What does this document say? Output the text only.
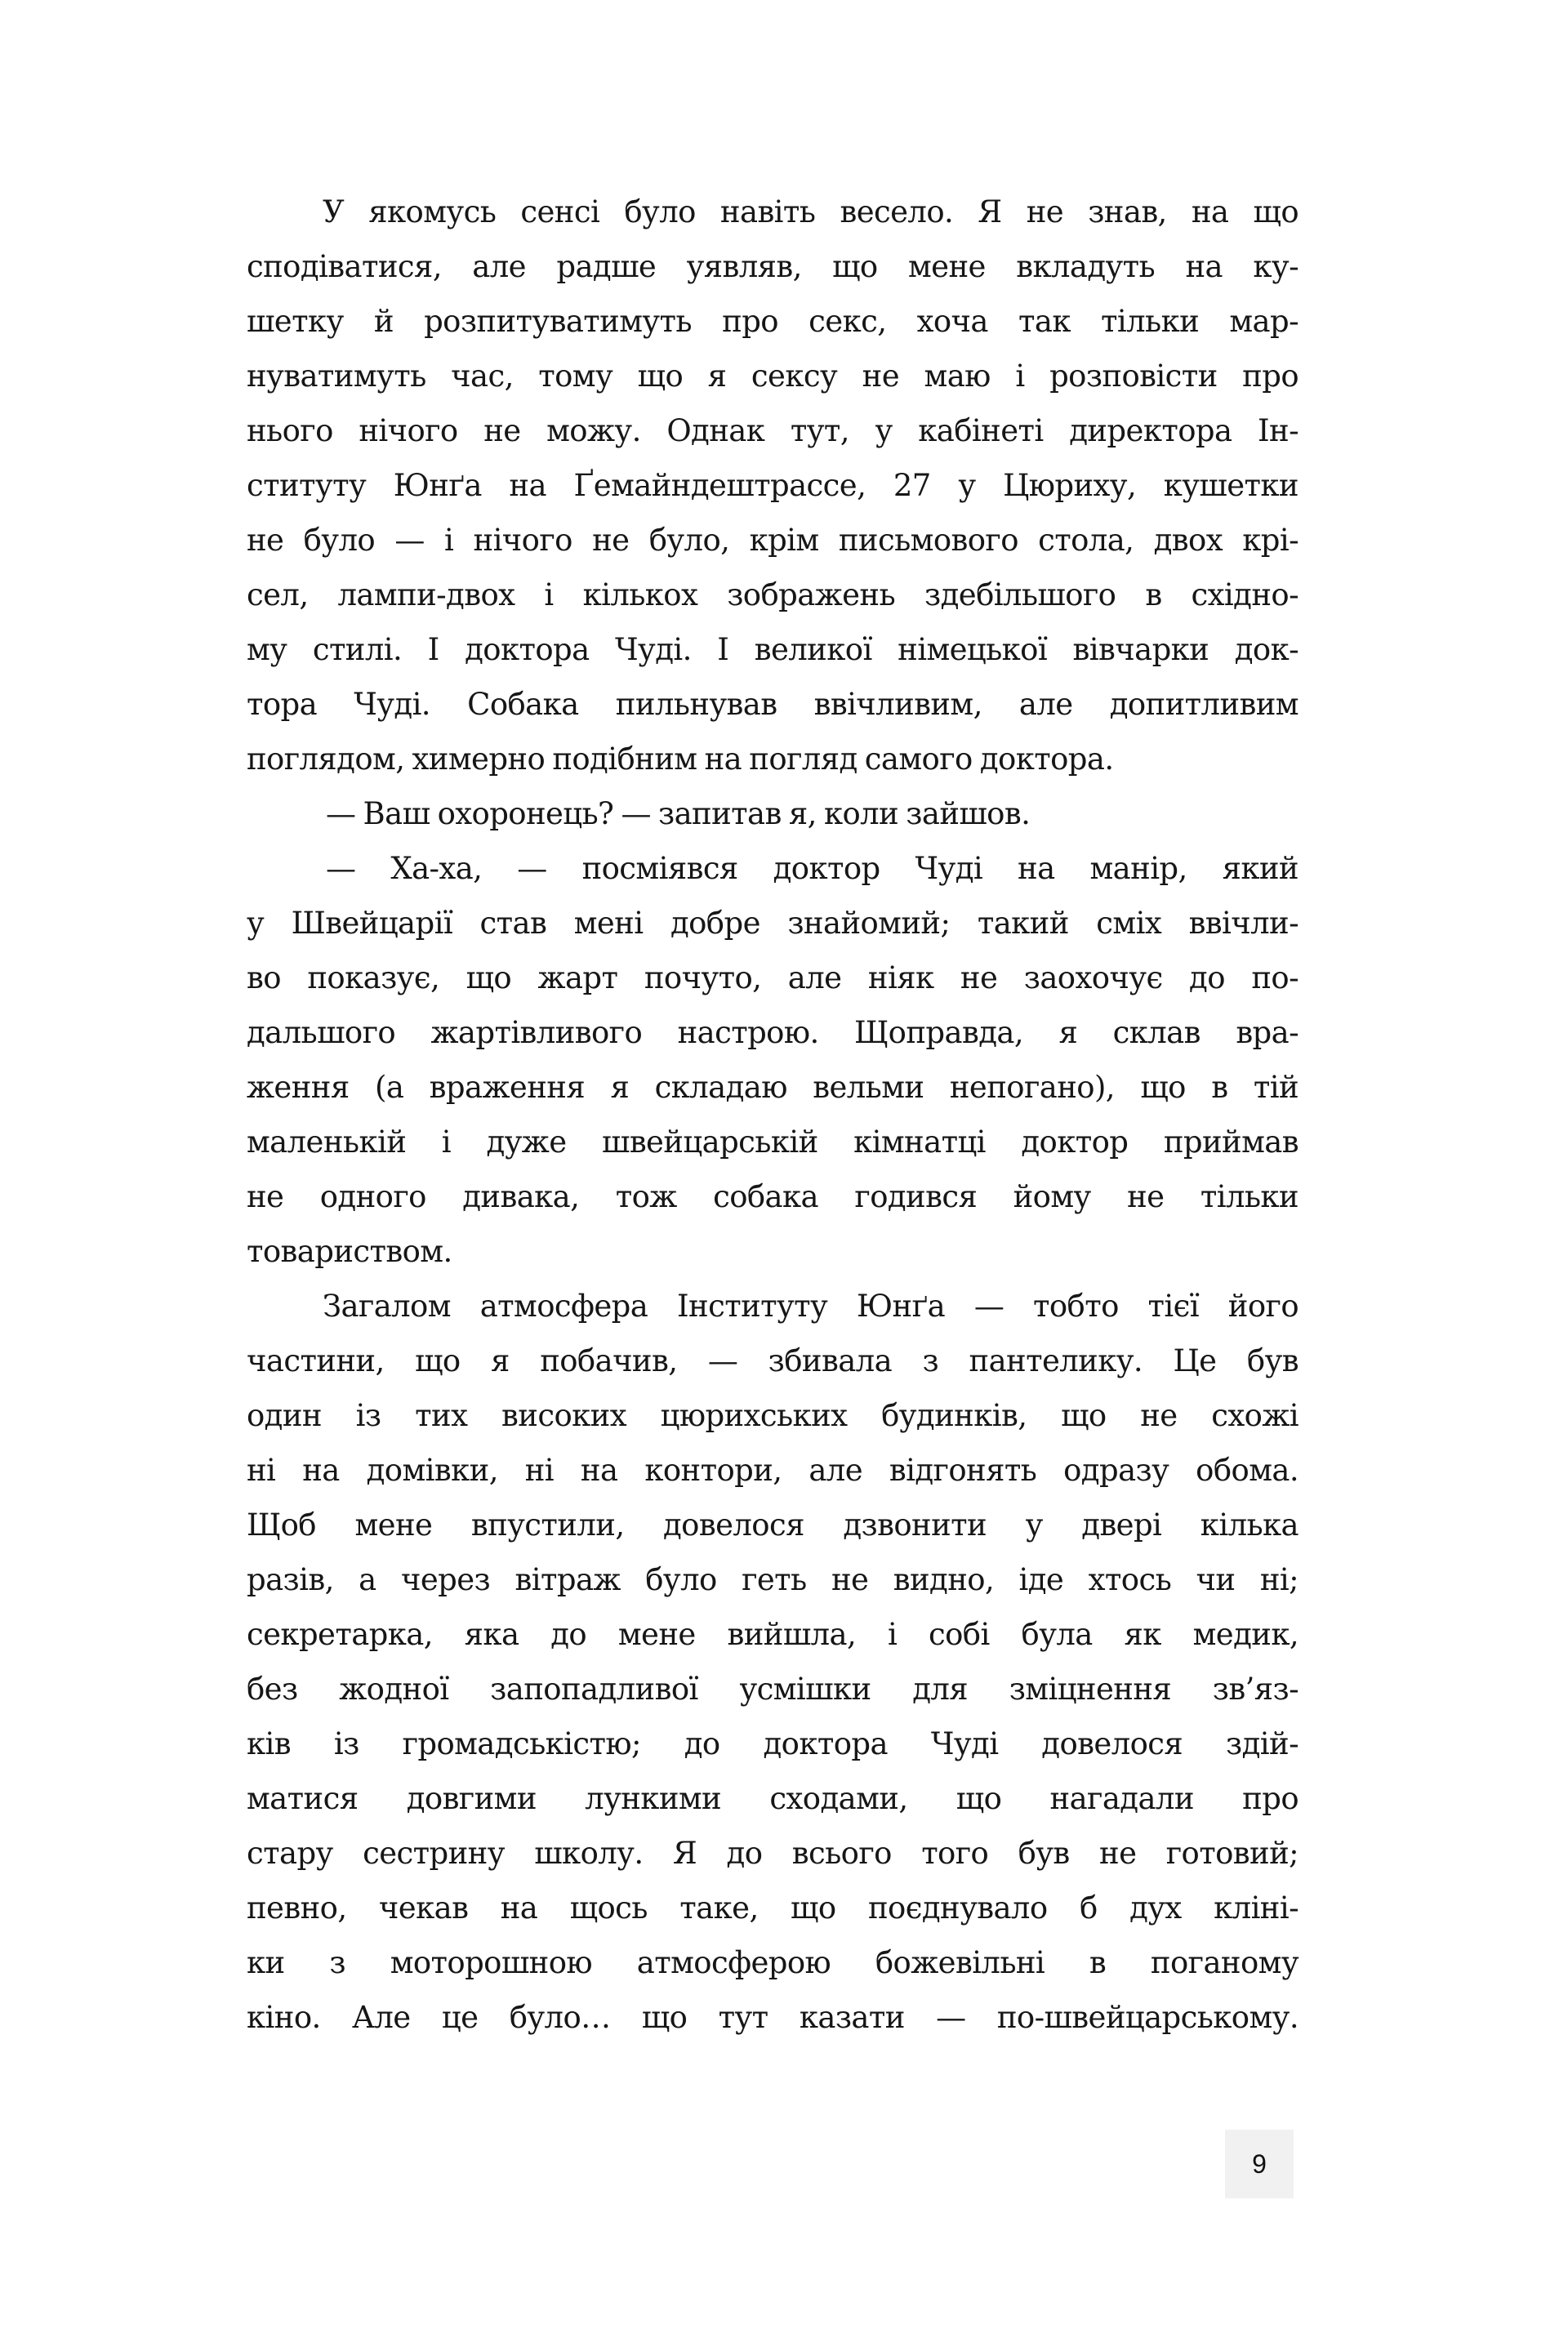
У якомусь сенсі було навіть весело. Я не знав, на що
сподіватися, але радше уявляв, що мене вкладуть на ку-
шетку й розпитуватимуть про секс, хоча так тільки мар-
нуватимуть час, тому що я сексу не маю і розповісти про
нього нічого не можу. Однак тут, у кабінеті директора Ін-
ституту Юнґа на Ґемайндештрассе, 27 у Цюриху, кушетки
не було — і нічого не було, крім письмового стола, двох крі-
сел, лампи-двох і кількох зображень здебільшого в східно-
му стилі. І доктора Чуді. І великої німецької вівчарки док-
тора Чуді. Собака пильнував ввічливим, але допитливим
поглядом, химерно подібним на погляд самого доктора.
— Ваш охоронець? — запитав я, коли зайшов.
— Ха-ха, — посміявся доктор Чуді на манір, який
у Швейцарії став мені добре знайомий; такий сміх ввічли-
во показує, що жарт почуто, але ніяк не заохочує до по-
дальшого жартівливого настрою. Щоправда, я склав вра-
ження (а враження я складаю вельми непогано), що в тій
маленькій і дуже швейцарській кімнатці доктор приймав
не одного дивака, тож собака годився йому не тільки
товариством.
Загалом атмосфера Інституту Юнґа — тобто тієї його
частини, що я побачив, — збивала з пантелику. Це був
один із тих високих цюрихських будинків, що не схожі
ні на домівки, ні на контори, але відгонять одразу обома.
Щоб мене впустили, довелося дзвонити у двері кілька
разів, а через вітраж було геть не видно, іде хтось чи ні;
секретарка, яка до мене вийшла, і собі була як медик,
без жодної запопадливої усмішки для зміцнення зв’яз-
ків із громадськістю; до доктора Чуді довелося здій-
матися довгими лункими сходами, що нагадали про
стару сестрину школу. Я до всього того був не готовий;
певно, чекав на щось таке, що поєднувало б дух клінi-
ки з моторошною атмосферою божевільні в поганому
кіно. Але це було… що тут казати — по-швейцарському.
9
